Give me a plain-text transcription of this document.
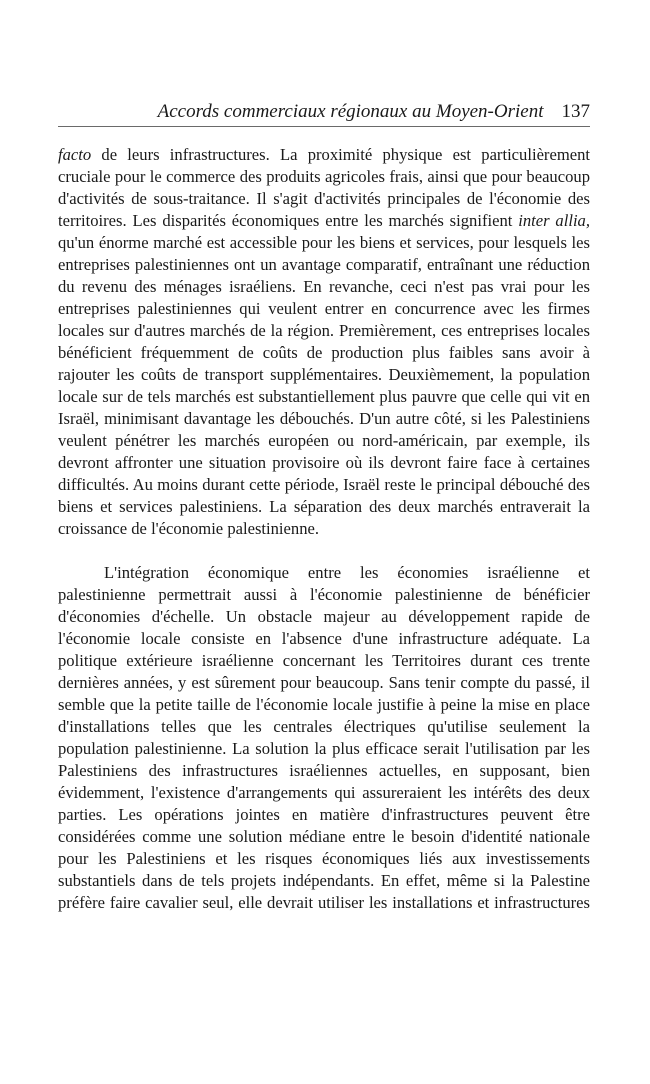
Accords commerciaux régionaux au Moyen-Orient 137

facto de leurs infrastructures. La proximité physique est particulièrement cruciale pour le commerce des produits agricoles frais, ainsi que pour beaucoup d'activités de sous-traitance. Il s'agit d'activités principales de l'économie des territoires. Les disparités économiques entre les marchés signifient inter allia, qu'un énorme marché est accessible pour les biens et services, pour lesquels les entreprises palestiniennes ont un avantage comparatif, entraînant une réduction du revenu des ménages israéliens. En revanche, ceci n'est pas vrai pour les entreprises palestiniennes qui veulent entrer en concurrence avec les firmes locales sur d'autres marchés de la région. Premièrement, ces entreprises locales bénéficient fréquemment de coûts de production plus faibles sans avoir à rajouter les coûts de transport supplémentaires. Deuxièmement, la population locale sur de tels marchés est substantiellement plus pauvre que celle qui vit en Israël, minimisant davantage les débouchés. D'un autre côté, si les Palestiniens veulent pénétrer les marchés européen ou nord-américain, par exemple, ils devront affronter une situation provisoire où ils devront faire face à certaines difficultés. Au moins durant cette période, Israël reste le principal débouché des biens et services palestiniens. La séparation des deux marchés entraverait la croissance de l'économie palestinienne.

L'intégration économique entre les économies israélienne et palestinienne permettrait aussi à l'économie palestinienne de bénéficier d'économies d'échelle. Un obstacle majeur au développement rapide de l'économie locale consiste en l'absence d'une infrastructure adéquate. La politique extérieure israélienne concernant les Territoires durant ces trente dernières années, y est sûrement pour beaucoup. Sans tenir compte du passé, il semble que la petite taille de l'économie locale justifie à peine la mise en place d'installations telles que les centrales électriques qu'utilise seulement la population palestinienne. La solution la plus efficace serait l'utilisation par les Palestiniens des infrastructures israéliennes actuelles, en supposant, bien évidemment, l'existence d'arrangements qui assureraient les intérêts des deux parties. Les opérations jointes en matière d'infrastructures peuvent être considérées comme une solution médiane entre le besoin d'identité nationale pour les Palestiniens et les risques économiques liés aux investissements substantiels dans de tels projets indépendants. En effet, même si la Palestine préfère faire cavalier seul, elle devrait utiliser les installations et infrastructures
